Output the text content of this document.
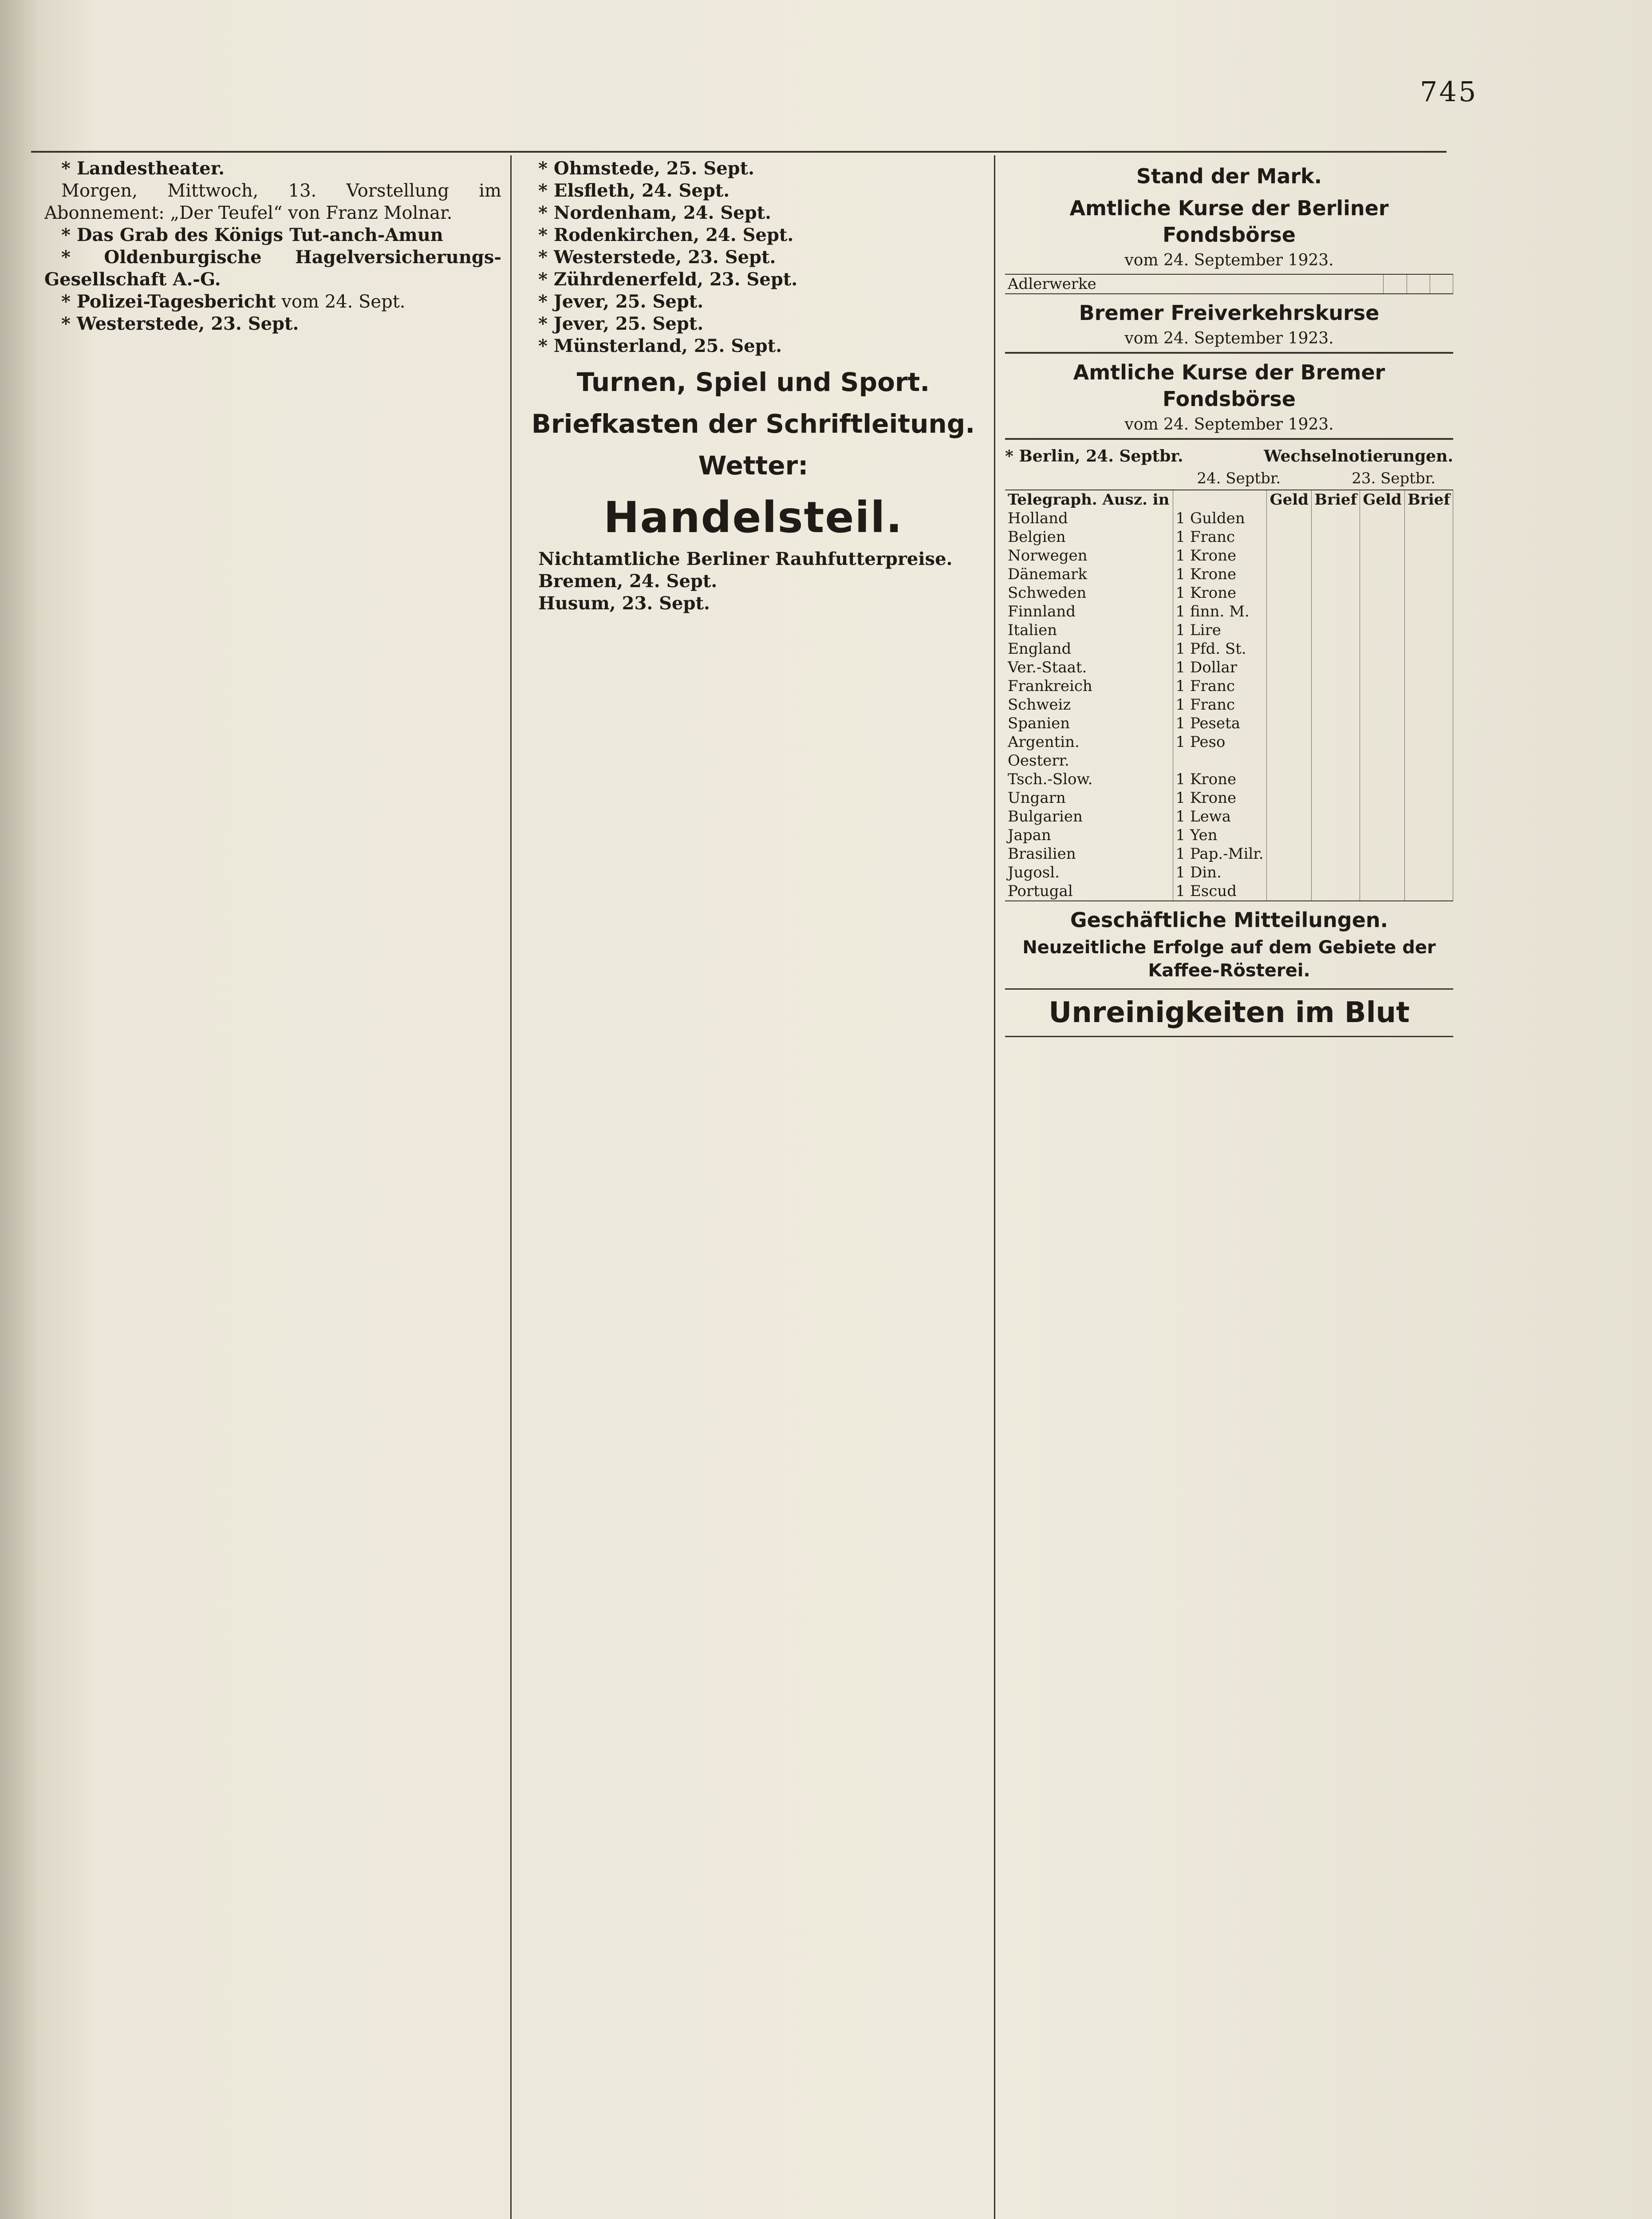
745

* Landestheater.

Morgen, Mittwoch, 13. Vorstellung im Abonnement: „Der Teufel“ von Franz Molnar.

* Das Grab des Königs Tut-anch-Amun

* Oldenburgische Hagelversicherungs-Gesellschaft A.-G.

* Polizei-Tagesbericht vom 24. Sept.

* Westerstede, 23. Sept.

* Ohmstede, 25. Sept.

* Elsfleth, 24. Sept.

* Nordenham, 24. Sept.

* Rodenkirchen, 24. Sept.

* Westerstede, 23. Sept.

* Zührdenerfeld, 23. Sept.

* Jever, 25. Sept.

* Jever, 25. Sept.

* Münsterland, 25. Sept.

Turnen, Spiel und Sport.

Briefkasten der Schriftleitung.

Wetter:

Handelsteil.

Nichtamtliche Berliner Rauhfutterpreise.

Bremen, 24. Sept.

Husum, 23. Sept.

Stand der Mark.

Amtliche Kurse der Berliner Fondsbörse
vom 24. September 1923.
Adlerwerke			

Bremer Freiverkehrskurse
vom 24. September 1923.

Amtliche Kurse der Bremer Fondsbörse
vom 24. September 1923.

* Berlin, 24. Septbr.	Wechselnotierungen.
24. Septbr.	23. Septbr.
Telegraph. Ausz. in		Geld	Brief	Geld	Brief
Holland	1 Gulden				
Belgien	1 Franc				
Norwegen	1 Krone				
Dänemark	1 Krone				
Schweden	1 Krone				
Finnland	1 finn. M.				
Italien	1 Lire				
England	1 Pfd. St.				
Ver.-Staat.	1 Dollar				
Frankreich	1 Franc				
Schweiz	1 Franc				
Spanien	1 Peseta				
Argentin.	1 Peso				
Oesterr.					
Tsch.-Slow.	1 Krone				
Ungarn	1 Krone				
Bulgarien	1 Lewa				
Japan	1 Yen				
Brasilien	1 Pap.-Milr.				
Jugosl.	1 Din.				
Portugal	1 Escud				
Geschäftliche Mitteilungen.
Neuzeitliche Erfolge auf dem Gebiete der Kaffee-Rösterei.

Unreinigkeiten im Blut
